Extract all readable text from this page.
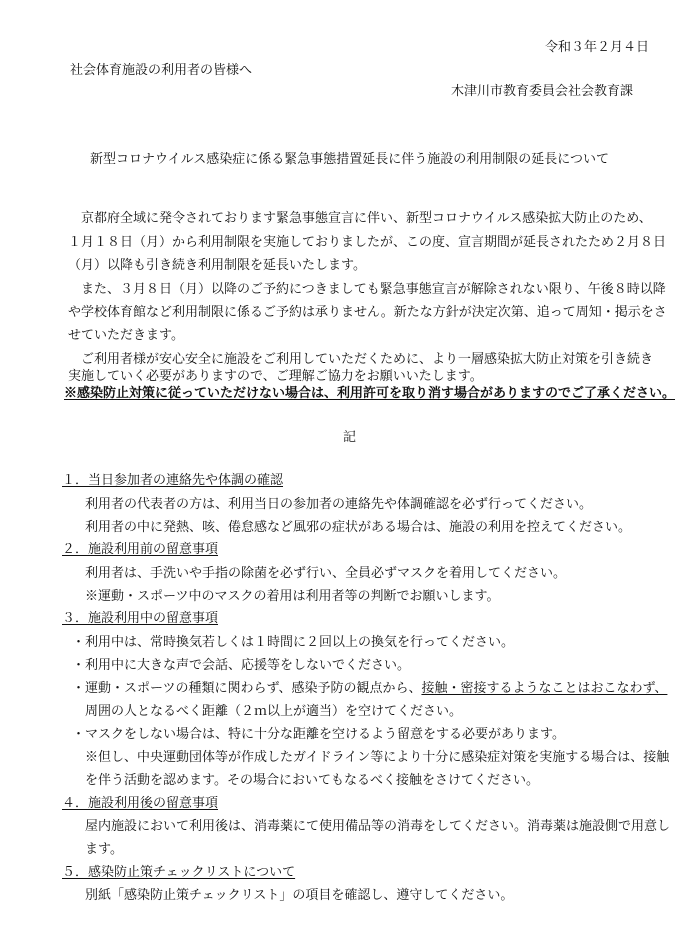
令和３年２月４日
社会体育施設の利用者の皆様へ
木津川市教育委員会社会教育課
新型コロナウイルス感染症に係る緊急事態措置延長に伴う施設の利用制限の延長について
　京都府全域に発令されております緊急事態宣言に伴い、新型コロナウイルス感染拡大防止のため、
１月１８日（月）から利用制限を実施しておりましたが、この度、宣言期間が延長されたため２月８日
（月）以降も引き続き利用制限を延長いたします。
　また、３月８日（月）以降のご予約につきましても緊急事態宣言が解除されない限り、午後８時以降
や学校体育館など利用制限に係るご予約は承りません。新たな方針が決定次第、追って周知・掲示をさ
せていただきます。
　ご利用者様が安心安全に施設をご利用していただくために、より一層感染拡大防止対策を引き続き
実施していく必要がありますので、ご理解ご協力をお願いいたします。
※感染防止対策に従っていただけない場合は、利用許可を取り消す場合がありますのでご了承ください。
記
１．当日参加者の連絡先や体調の確認
利用者の代表者の方は、利用当日の参加者の連絡先や体調確認を必ず行ってください。
利用者の中に発熱、咳、倦怠感など風邪の症状がある場合は、施設の利用を控えてください。
２．施設利用前の留意事項
利用者は、手洗いや手指の除菌を必ず行い、全員必ずマスクを着用してください。
※運動・スポーツ中のマスクの着用は利用者等の判断でお願いします。
３．施設利用中の留意事項
・利用中は、常時換気若しくは１時間に２回以上の換気を行ってください。
・利用中に大きな声で会話、応援等をしないでください。
・運動・スポーツの種類に関わらず、感染予防の観点から、接触・密接するようなことはおこなわず、
周囲の人となるべく距離（２ｍ以上が適当）を空けてください。
・マスクをしない場合は、特に十分な距離を空けるよう留意をする必要があります。
※但し、中央運動団体等が作成したガイドライン等により十分に感染症対策を実施する場合は、接触
を伴う活動を認めます。その場合においてもなるべく接触をさけてください。
４．施設利用後の留意事項
屋内施設において利用後は、消毒薬にて使用備品等の消毒をしてください。消毒薬は施設側で用意し
ます。
５．感染防止策チェックリストについて
別紙「感染防止策チェックリスト」の項目を確認し、遵守してください。
